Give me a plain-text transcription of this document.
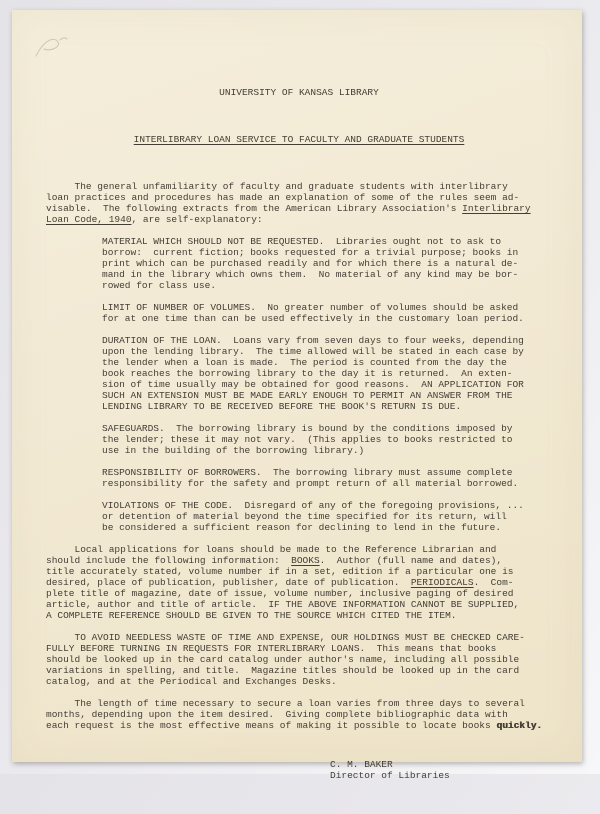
UNIVERSITY OF KANSAS LIBRARY

INTERLIBRARY LOAN SERVICE TO FACULTY AND GRADUATE STUDENTS

The general unfamiliarity of faculty and graduate students with interlibrary
loan practices and procedures has made an explanation of some of the rules seem ad-
visable.  The following extracts from the American Library Association's Interlibrary
Loan Code, 1940, are self-explanatory:
MATERIAL WHICH SHOULD NOT BE REQUESTED.  Libraries ought not to ask to
borrow:  current fiction; books requested for a trivial purpose; books in
print which can be purchased readily and for which there is a natural de-
mand in the library which owns them.  No material of any kind may be bor-
rowed for class use.
LIMIT OF NUMBER OF VOLUMES.  No greater number of volumes should be asked
for at one time than can be used effectively in the customary loan period.
DURATION OF THE LOAN.  Loans vary from seven days to four weeks, depending
upon the lending library.  The time allowed will be stated in each case by
the lender when a loan is made.  The period is counted from the day the
book reaches the borrowing library to the day it is returned.  An exten-
sion of time usually may be obtained for good reasons.  AN APPLICATION FOR
SUCH AN EXTENSION MUST BE MADE EARLY ENOUGH TO PERMIT AN ANSWER FROM THE
LENDING LIBRARY TO BE RECEIVED BEFORE THE BOOK'S RETURN IS DUE.
SAFEGUARDS.  The borrowing library is bound by the conditions imposed by
the lender; these it may not vary.  (This applies to books restricted to
use in the building of the borrowing library.)
RESPONSIBILITY OF BORROWERS.  The borrowing library must assume complete
responsibility for the safety and prompt return of all material borrowed.
VIOLATIONS OF THE CODE.  Disregard of any of the foregoing provisions, ...
or detention of material beyond the time specified for its return, will
be considered a sufficient reason for declining to lend in the future.
Local applications for loans should be made to the Reference Librarian and
should include the following information:  BOOKS.  Author (full name and dates),
title accurately stated, volume number if in a set, edition if a particular one is
desired, place of publication, publisher, date of publication.  PERIODICALS.  Com-
plete title of magazine, date of issue, volume number, inclusive paging of desired
article, author and title of article.  IF THE ABOVE INFORMATION CANNOT BE SUPPLIED,
A COMPLETE REFERENCE SHOULD BE GIVEN TO THE SOURCE WHICH CITED THE ITEM.
TO AVOID NEEDLESS WASTE OF TIME AND EXPENSE, OUR HOLDINGS MUST BE CHECKED CARE-
FULLY BEFORE TURNING IN REQUESTS FOR INTERLIBRARY LOANS.  This means that books
should be looked up in the card catalog under author's name, including all possible
variations in spelling, and title.  Magazine titles should be looked up in the card
catalog, and at the Periodical and Exchanges Desks.
The length of time necessary to secure a loan varies from three days to several
months, depending upon the item desired.  Giving complete bibliographic data with
each request is the most effective means of making it possible to locate books quickly.
C. M. BAKER
Director of Libraries
